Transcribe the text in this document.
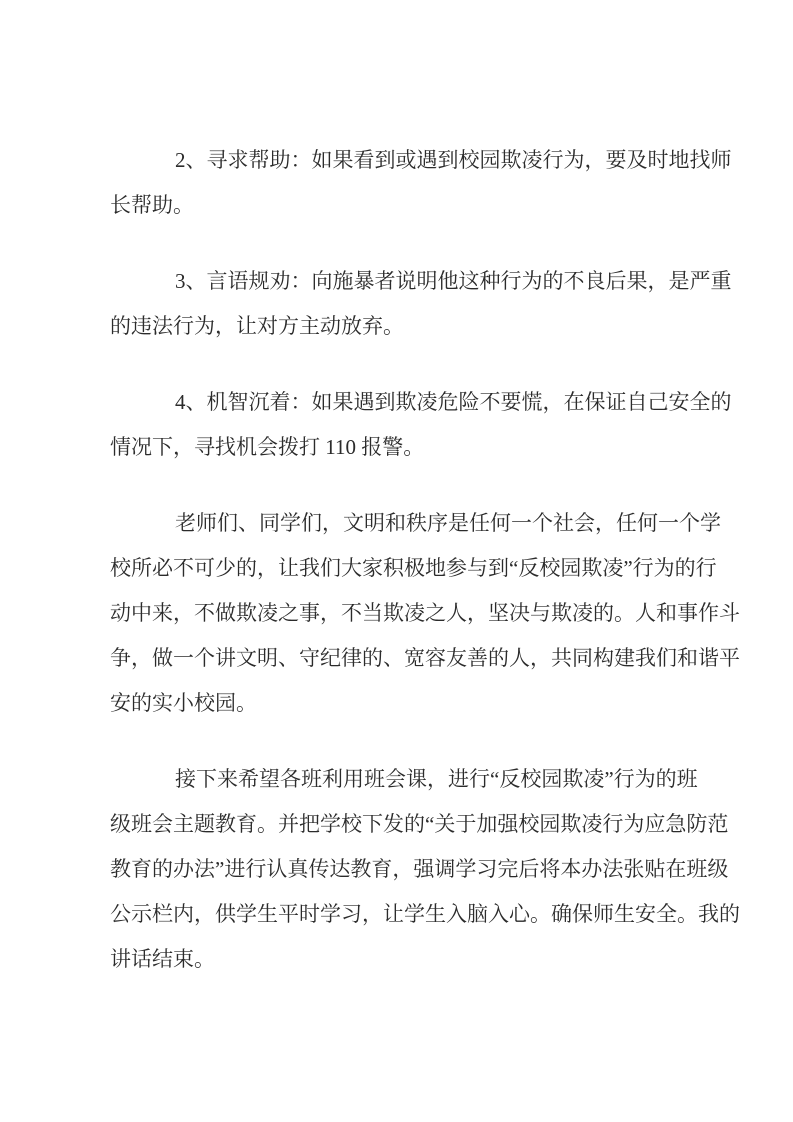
2、寻求帮助：如果看到或遇到校园欺凌行为，要及时地找师
长帮助。

3、言语规劝：向施暴者说明他这种行为的不良后果，是严重
的违法行为，让对方主动放弃。

4、机智沉着：如果遇到欺凌危险不要慌，在保证自己安全的
情况下，寻找机会拨打 110 报警。

老师们、同学们，文明和秩序是任何一个社会，任何一个学
校所必不可少的，让我们大家积极地参与到“反校园欺凌”行为的行
动中来，不做欺凌之事，不当欺凌之人，坚决与欺凌的。人和事作斗
争，做一个讲文明、守纪律的、宽容友善的人，共同构建我们和谐平
安的实小校园。

接下来希望各班利用班会课，进行“反校园欺凌”行为的班
级班会主题教育。并把学校下发的“关于加强校园欺凌行为应急防范
教育的办法”进行认真传达教育，强调学习完后将本办法张贴在班级
公示栏内，供学生平时学习，让学生入脑入心。确保师生安全。我的
讲话结束。
